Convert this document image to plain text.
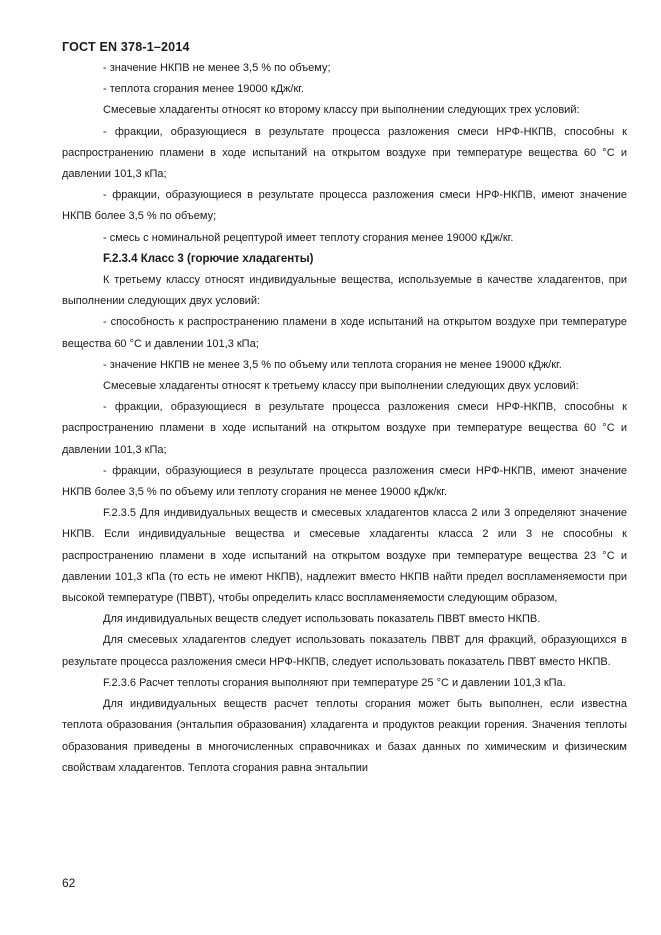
ГОСТ EN 378-1–2014

- значение НКПВ не менее 3,5 % по объему;

- теплота сгорания менее 19000 кДж/кг.

Смесевые хладагенты относят ко второму классу при выполнении следующих трех условий:

- фракции, образующиеся в результате процесса разложения смеси НРФ-НКПВ, способны к распространению пламени в ходе испытаний на открытом воздухе при температуре вещества 60 °С и давлении 101,3 кПа;

- фракции, образующиеся в результате процесса разложения смеси НРФ-НКПВ, имеют значение НКПВ более 3,5 % по объему;

- смесь с номинальной рецептурой имеет теплоту сгорания менее 19000 кДж/кг.

F.2.3.4 Класс 3 (горючие хладагенты)

К третьему классу относят индивидуальные вещества, используемые в качестве хладагентов, при выполнении следующих двух условий:

- способность к распространению пламени в ходе испытаний на открытом воздухе при температуре вещества 60 °С и давлении 101,3 кПа;

- значение НКПВ не менее 3,5 % по объему или теплота сгорания не менее 19000 кДж/кг.

Смесевые хладагенты относят к третьему классу при выполнении следующих двух условий:

- фракции, образующиеся в результате процесса разложения смеси НРФ-НКПВ, способны к распространению пламени в ходе испытаний на открытом воздухе при температуре вещества 60 °С и давлении 101,3 кПа;

- фракции, образующиеся в результате процесса разложения смеси НРФ-НКПВ, имеют значение НКПВ более 3,5 % по объему или теплоту сгорания не менее 19000 кДж/кг.

F.2.3.5 Для индивидуальных веществ и смесевых хладагентов класса 2 или 3 определяют значение НКПВ. Если индивидуальные вещества и смесевые хладагенты класса 2 или 3 не способны к распространению пламени в ходе испытаний на открытом воздухе при температуре вещества 23 °С и давлении 101,3 кПа (то есть не имеют НКПВ), надлежит вместо НКПВ найти предел воспламеняемости при высокой температуре (ПВВТ), чтобы определить класс воспламеняемости следующим образом,

Для индивидуальных веществ следует использовать показатель ПВВТ вместо НКПВ.

Для смесевых хладагентов следует использовать показатель ПВВТ для фракций, образующихся в результате процесса разложения смеси НРФ-НКПВ, следует использовать показатель ПВВТ вместо НКПВ.

F.2.3.6 Расчет теплоты сгорания выполняют при температуре 25 °С и давлении 101,3 кПа.

Для индивидуальных веществ расчет теплоты сгорания может быть выполнен, если известна теплота образования (энтальпия образования) хладагента и продуктов реакции горения. Значения теплоты образования приведены в многочисленных справочниках и базах данных по химическим и физическим свойствам хладагентов. Теплота сгорания равна энтальпии

62
